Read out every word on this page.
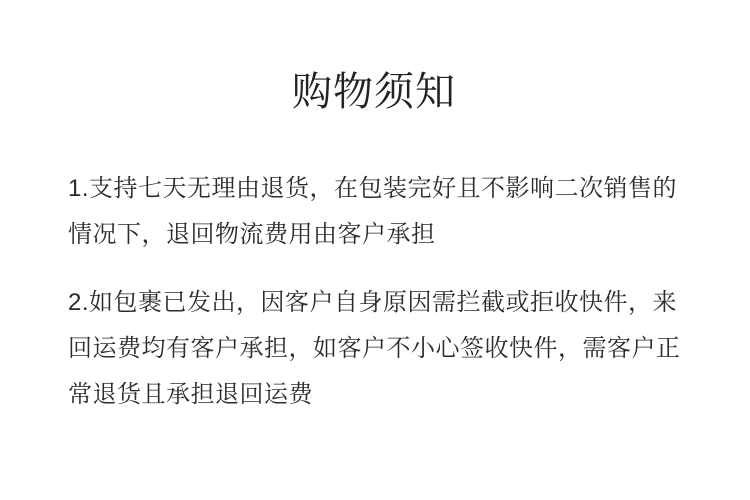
购物须知

1.支持七天无理由退货，在包装完好且不影响二次销售的
情况下，退回物流费用由客户承担

2.如包裹已发出，因客户自身原因需拦截或拒收快件，来
回运费均有客户承担，如客户不小心签收快件，需客户正
常退货且承担退回运费
